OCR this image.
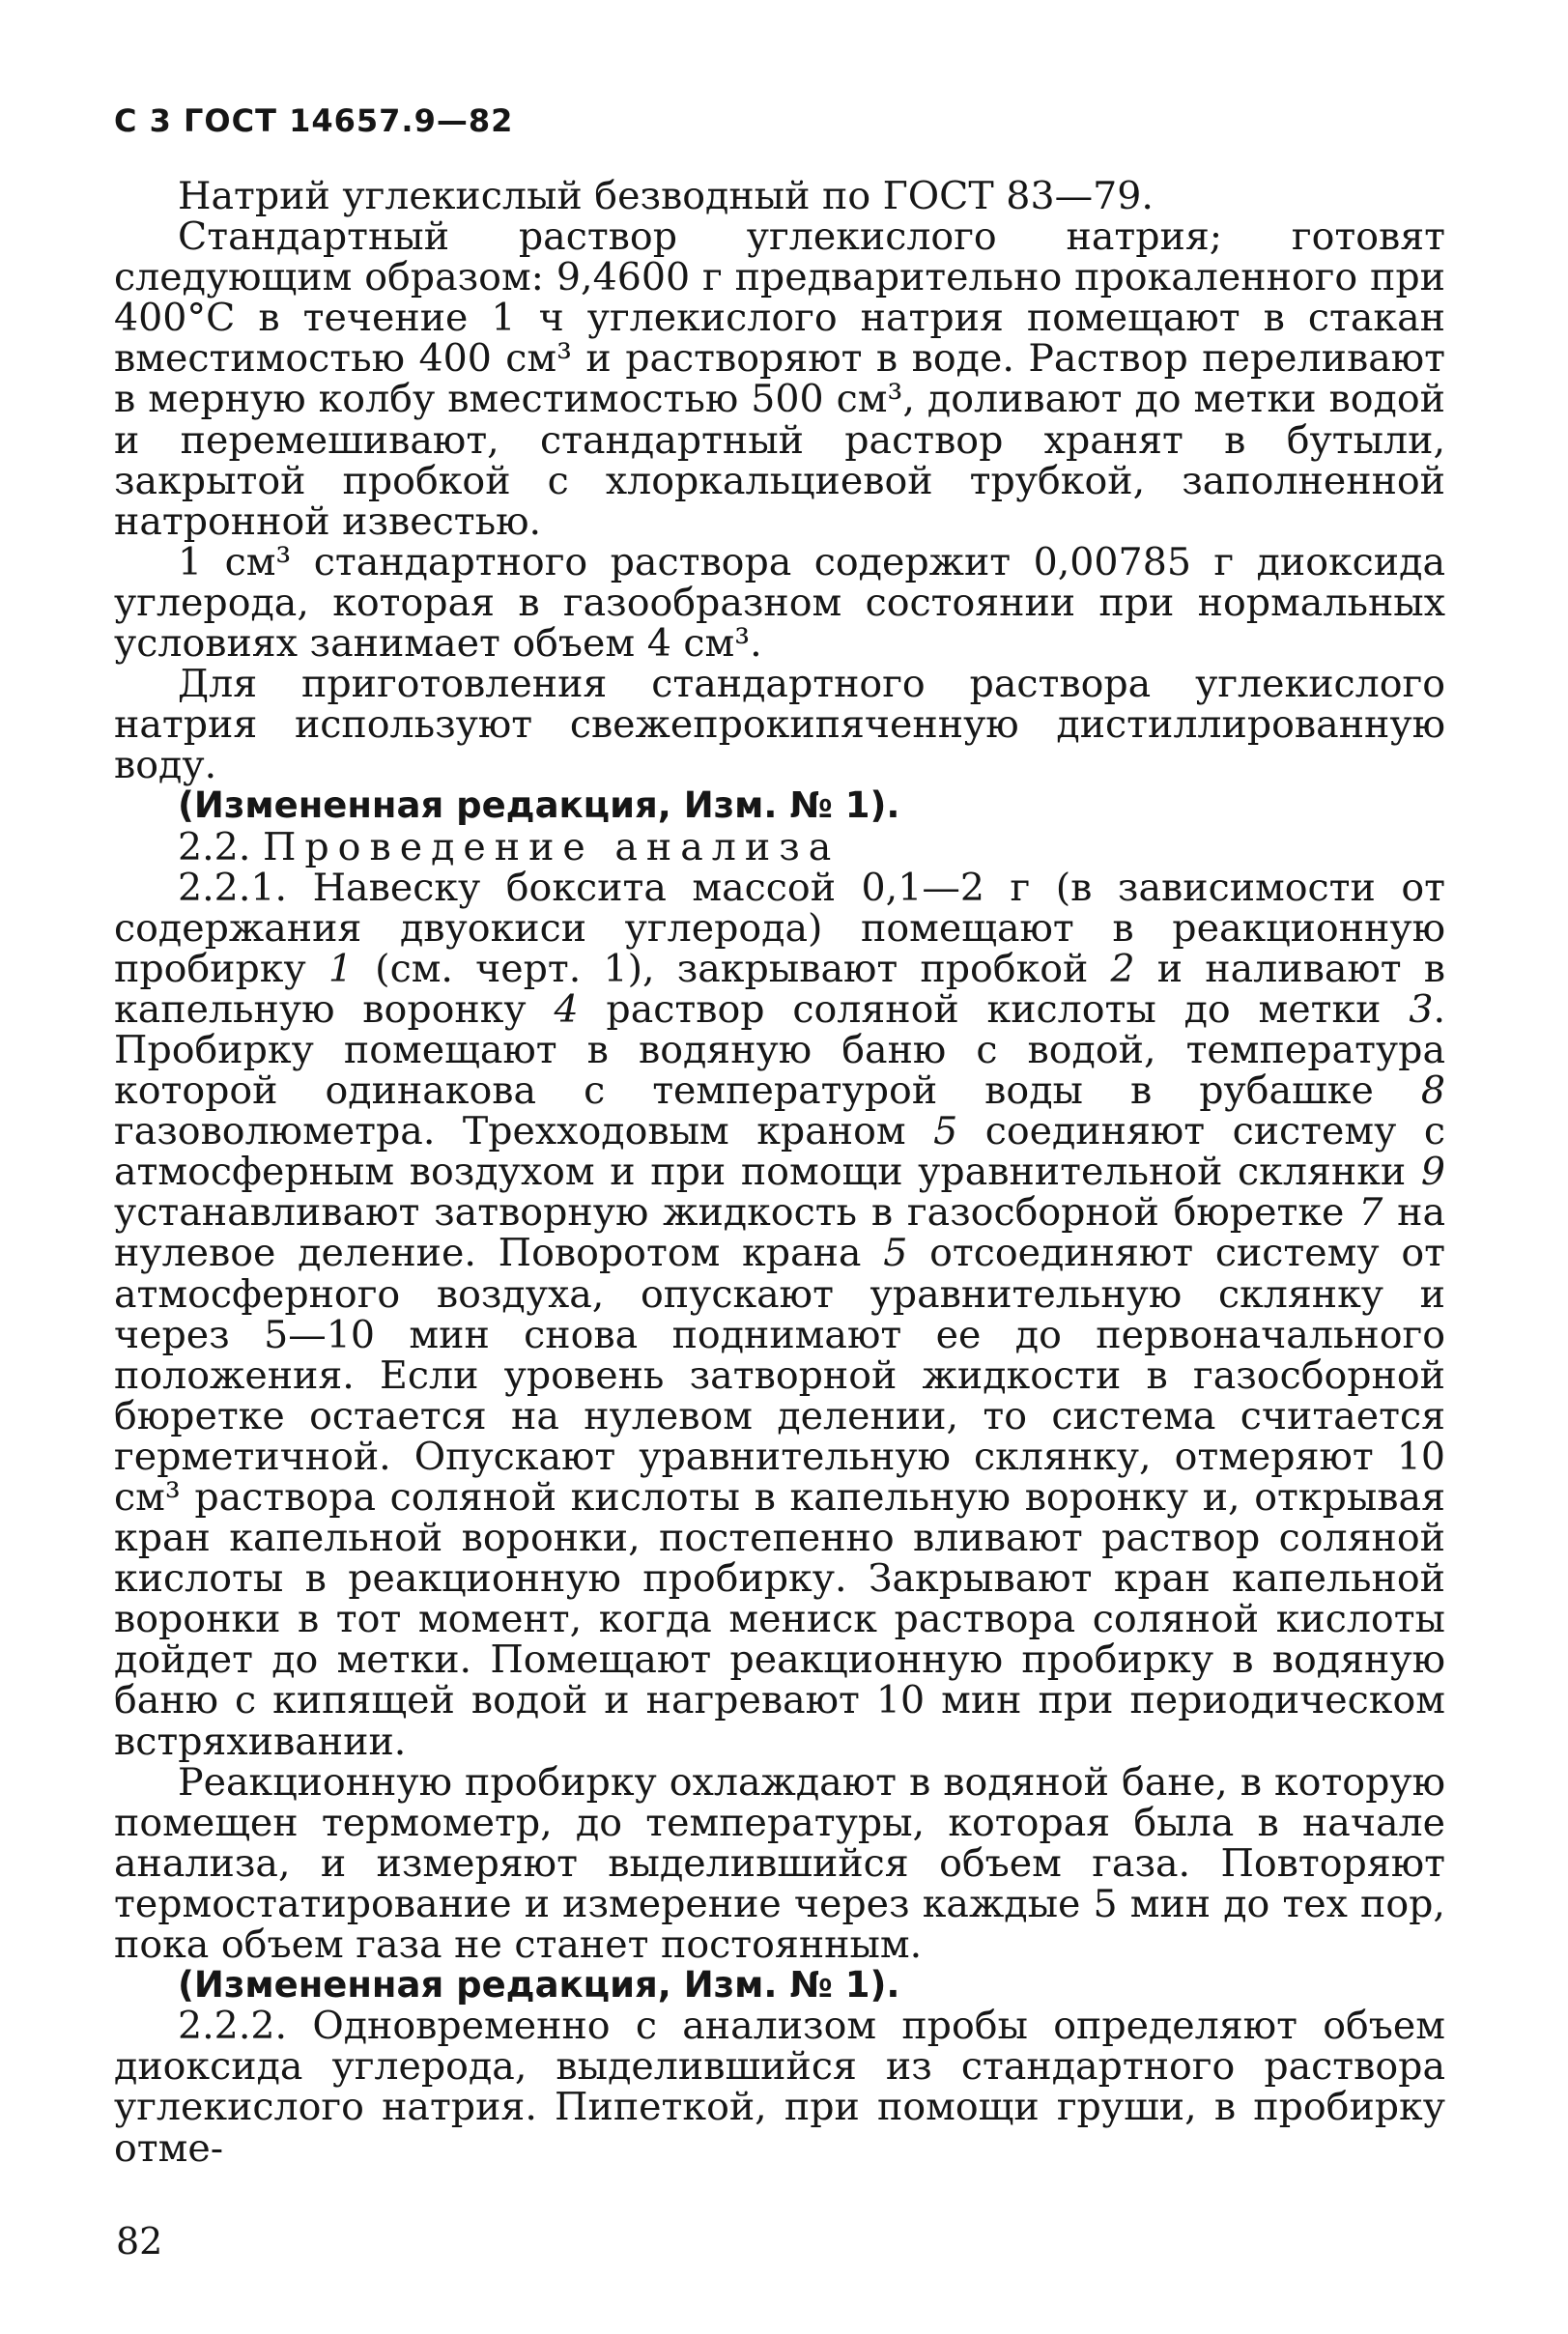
С 3 ГОСТ 14657.9—82

Натрий углекислый безводный по ГОСТ 83—79.

Стандартный раствор углекислого натрия; готовят следующим образом: 9,4600 г предварительно прокаленного при 400°С в течение 1 ч углекислого натрия помещают в стакан вместимостью 400 см³ и растворяют в воде. Раствор переливают в мерную колбу вместимостью 500 см³, доливают до метки водой и перемешивают, стандартный раствор хранят в бутыли, закрытой пробкой с хлоркальциевой трубкой, заполненной натронной известью.

1 см³ стандартного раствора содержит 0,00785 г диоксида углерода, которая в газообразном состоянии при нормальных условиях занимает объем 4 см³.

Для приготовления стандартного раствора углекислого натрия используют свежепрокипяченную дистиллированную воду.

(Измененная редакция, Изм. № 1).

2.2. Проведение анализа

2.2.1. Навеску боксита массой 0,1—2 г (в зависимости от содержания двуокиси углерода) помещают в реакционную пробирку 1 (см. черт. 1), закрывают пробкой 2 и наливают в капельную воронку 4 раствор соляной кислоты до метки 3. Пробирку помещают в водяную баню с водой, температура которой одинакова с температурой воды в рубашке 8 газоволюметра. Трехходовым краном 5 соединяют систему с атмосферным воздухом и при помощи уравнительной склянки 9 устанавливают затворную жидкость в газосборной бюретке 7 на нулевое деление. Поворотом крана 5 отсоединяют систему от атмосферного воздуха, опускают уравнительную склянку и через 5—10 мин снова поднимают ее до первоначального положения. Если уровень затворной жидкости в газосборной бюретке остается на нулевом делении, то система считается герметичной. Опускают уравнительную склянку, отмеряют 10 см³ раствора соляной кислоты в капельную воронку и, открывая кран капельной воронки, постепенно вливают раствор соляной кислоты в реакционную пробирку. Закрывают кран капельной воронки в тот момент, когда мениск раствора соляной кислоты дойдет до метки. Помещают реакционную пробирку в водяную баню с кипящей водой и нагревают 10 мин при периодическом встряхивании.

Реакционную пробирку охлаждают в водяной бане, в которую помещен термометр, до температуры, которая была в начале анализа, и измеряют выделившийся объем газа. Повторяют термостатирование и измерение через каждые 5 мин до тех пор, пока объем газа не станет постоянным.

(Измененная редакция, Изм. № 1).

2.2.2. Одновременно с анализом пробы определяют объем диоксида углерода, выделившийся из стандартного раствора углекислого натрия. Пипеткой, при помощи груши, в пробирку отме-

82
